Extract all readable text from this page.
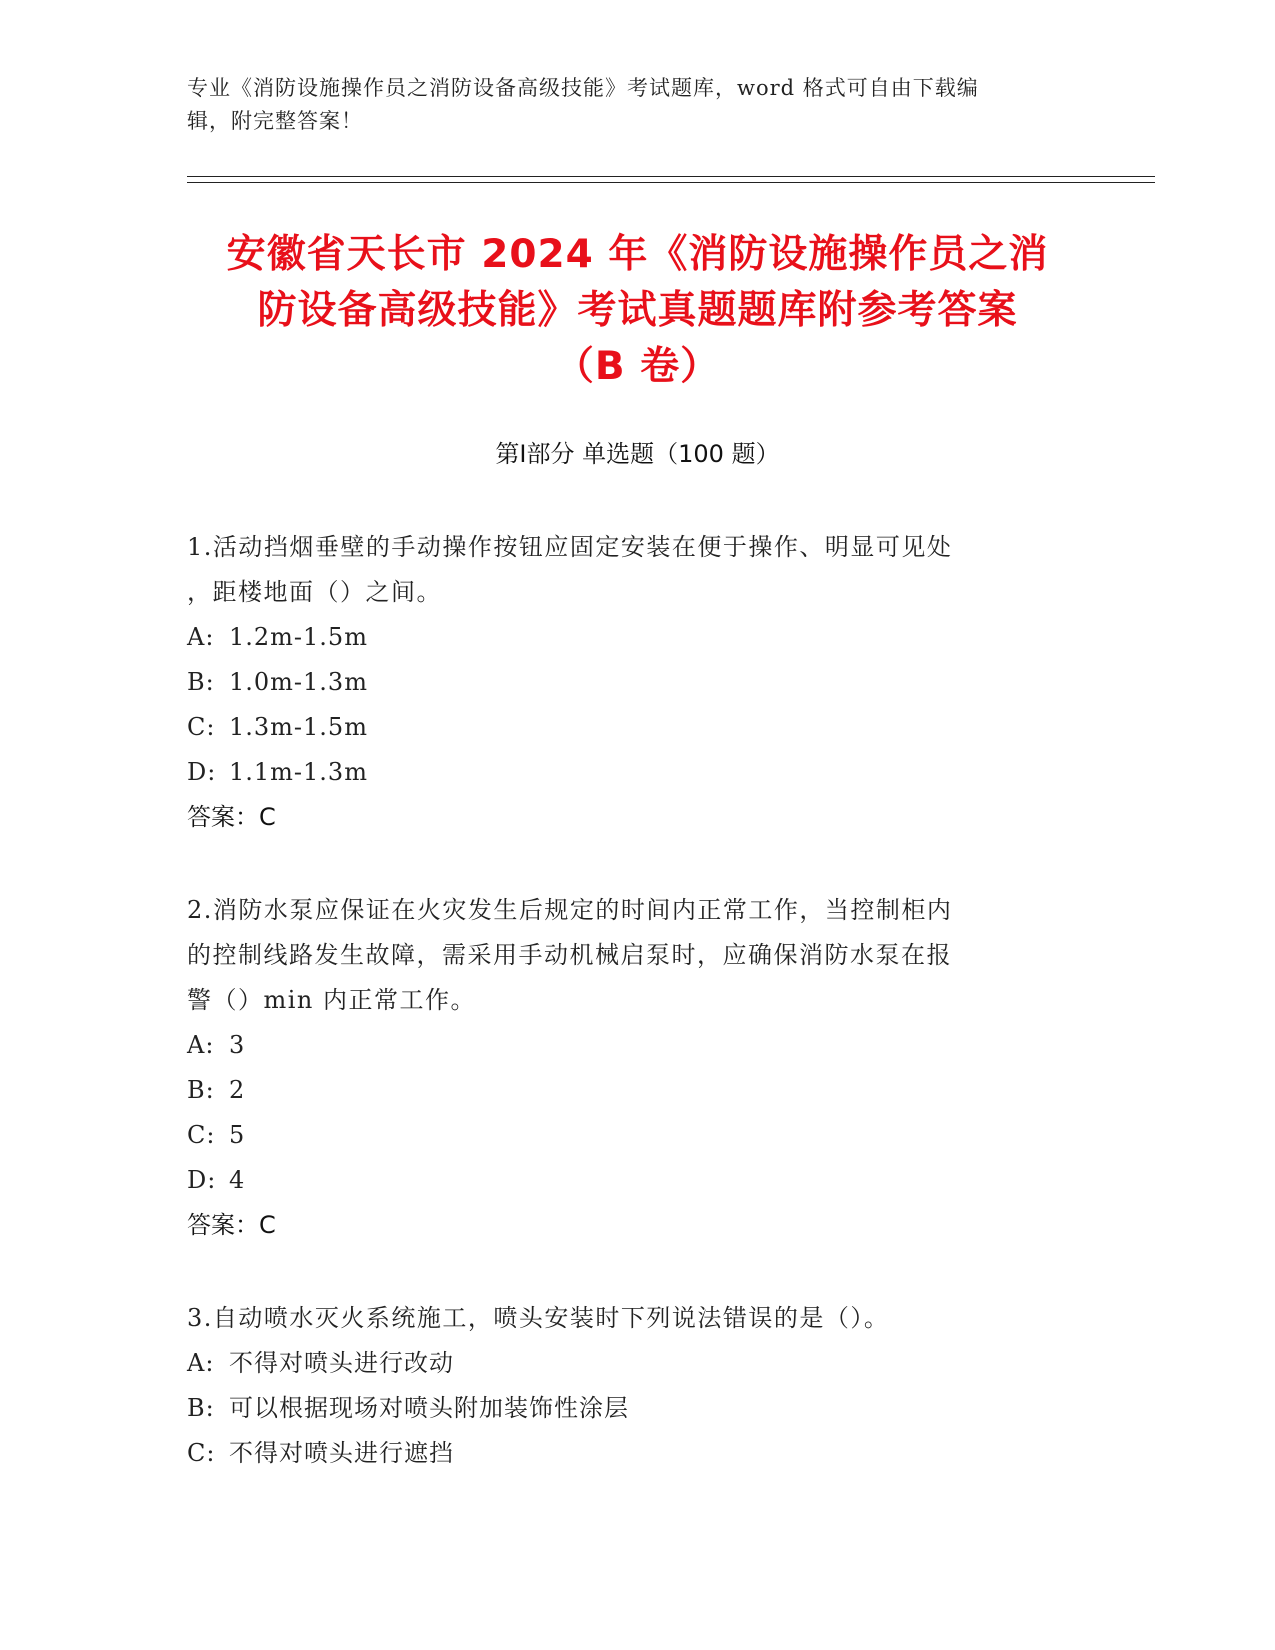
专业《消防设施操作员之消防设备高级技能》考试题库，word 格式可自由下载编
辑，附完整答案！
安徽省天长市 2024 年《消防设施操作员之消
防设备高级技能》考试真题题库附参考答案
（B 卷）
第Ⅰ部分 单选题（100 题）
1.活动挡烟垂壁的手动操作按钮应固定安装在便于操作、明显可见处
，距楼地面（）之间。
A: 1.2m-1.5m
B: 1.0m-1.3m
C: 1.3m-1.5m
D: 1.1m-1.3m
答案：C
2.消防水泵应保证在火灾发生后规定的时间内正常工作，当控制柜内
的控制线路发生故障，需采用手动机械启泵时，应确保消防水泵在报
警（）min 内正常工作。
A: 3
B: 2
C: 5
D: 4
答案：C
3.自动喷水灭火系统施工，喷头安装时下列说法错误的是（）。
A: 不得对喷头进行改动
B: 可以根据现场对喷头附加装饰性涂层
C: 不得对喷头进行遮挡
